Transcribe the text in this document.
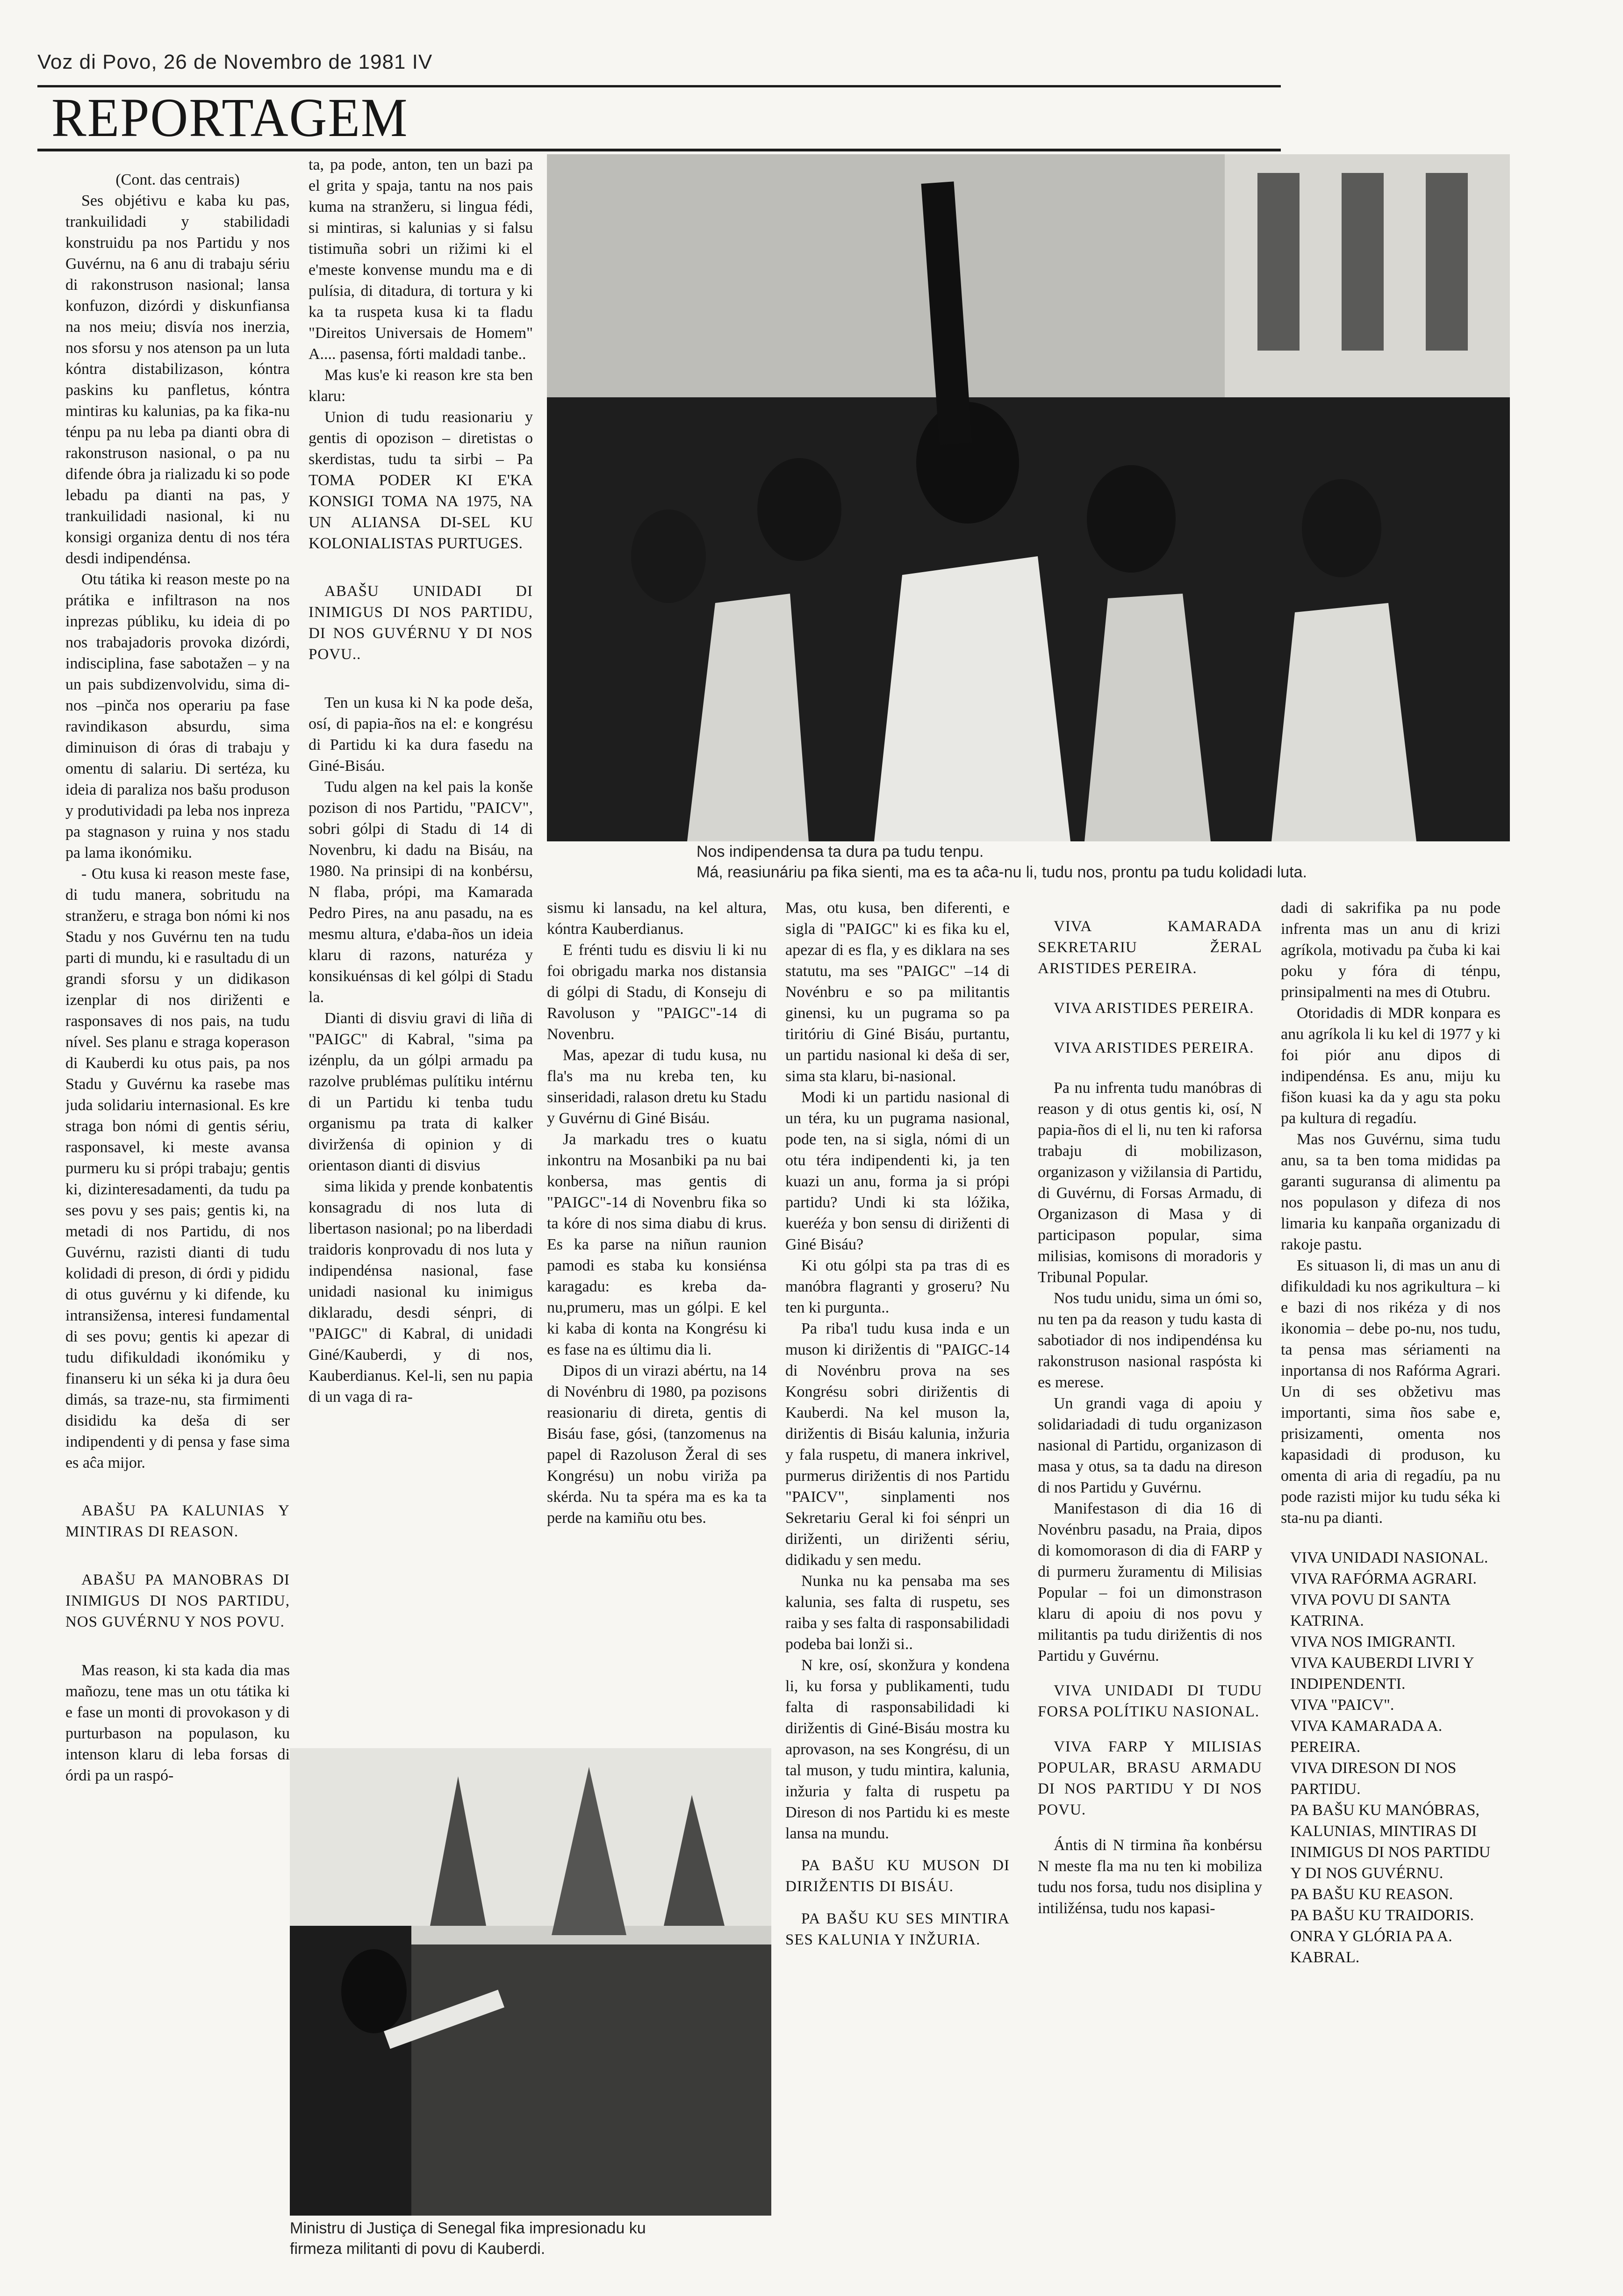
Voz di Povo, 26 de Novembro de 1981 IV
REPORTAGEM

(Cont. das centrais)

Ses objétivu e kaba ku pas, trankuilidadi y stabilidadi konstruidu pa nos Partidu y nos Guvérnu, na 6 anu di trabaju sériu di rakonstruson nasional; lansa konfuzon, dizórdi y diskunfiansa na nos meiu; disvía nos inerzia, nos sforsu y nos atenson pa un luta kóntra distabilizason, kóntra paskins ku panfletus, kóntra mintiras ku kalunias, pa ka fika-nu ténpu pa nu leba pa dianti obra di rakonstruson nasional, o pa nu difende óbra ja rializadu ki so pode lebadu pa dianti na pas, y trankuilidadi nasional, ki nu konsigi organiza dentu di nos téra desdi indipendénsa.

Otu tátika ki reason meste po na prátika e infiltrason na nos inprezas públiku, ku ideia di po nos trabajadoris provoka dizórdi, indisciplina, fase sabotažen – y na un pais subdizenvolvidu, sima di-nos –pinča nos operariu pa fase ravindikason absurdu, sima diminuison di óras di trabaju y omentu di salariu. Di sertéza, ku ideia di paraliza nos bašu produson y produtividadi pa leba nos inpreza pa stagnason y ruina y nos stadu pa lama ikonómiku.

- Otu kusa ki reason meste fase, di tudu manera, sobritudu na stranžeru, e straga bon nómi ki nos Stadu y nos Guvérnu ten na tudu parti di mundu, ki e rasultadu di un grandi sforsu y un didikason izenplar di nos diriženti e rasponsaves di nos pais, na tudu nível. Ses planu e straga koperason di Kauberdi ku otus pais, pa nos Stadu y Guvérnu ka rasebe mas juda solidariu internasional. Es kre straga bon nómi di gentis sériu, rasponsavel, ki meste avansa purmeru ku si própi trabaju; gentis ki, dizinteresadamenti, da tudu pa ses povu y ses pais; gentis ki, na metadi di nos Partidu, di nos Guvérnu, razisti dianti di tudu kolidadi di preson, di órdi y pididu di otus guvérnu y ki difende, ku intransižensa, interesi fundamental di ses povu; gentis ki apezar di tudu difikuldadi ikonómiku y finanseru ki un séka ki ja dura ôeu dimás, sa traze-nu, sta firmimenti disididu ka deša di ser indipendenti y di pensa y fase sima es aĉa mijor.

ABAŠU PA KALUNIAS Y MINTIRAS DI REASON.
ABAŠU PA MANOBRAS DI INIMIGUS DI NOS PARTIDU, NOS GUVÉRNU Y NOS POVU.

Mas reason, ki sta kada dia mas mañozu, tene mas un otu tátika ki e fase un monti di provokason y di purturbason na populason, ku intenson klaru di leba forsas di órdi pa un raspó-

ta, pa pode, anton, ten un bazi pa el grita y spaja, tantu na nos pais kuma na stranžeru, si lingua fédi, si mintiras, si kalunias y si falsu tistimuña sobri un rižimi ki el e'meste konvense mundu ma e di pulísia, di ditadura, di tortura y ki ka ta ruspeta kusa ki ta fladu "Direitos Universais de Homem" A.... pasensa, fórti maldadi tanbe..

Mas kus'e ki reason kre sta ben klaru:

Union di tudu reasionariu y gentis di opozison – diretistas o skerdistas, tudu ta sirbi – Pa TOMA PODER KI E'KA KONSIGI TOMA NA 1975, NA UN ALIANSA DI-SEL KU KOLONIALISTAS PURTUGES.

ABAŠU UNIDADI DI INIMIGUS DI NOS PARTIDU, DI NOS GUVÉRNU Y DI NOS POVU..

Ten un kusa ki N ka pode deša, osí, di papia-ños na el: e kongrésu di Partidu ki ka dura fasedu na Giné-Bisáu.

Tudu algen na kel pais la konše pozison di nos Partidu, "PAICV", sobri gólpi di Stadu di 14 di Novenbru, ki dadu na Bisáu, na 1980. Na prinsipi di na konbérsu, N flaba, própi, ma Kamarada Pedro Pires, na anu pasadu, na es mesmu altura, e'daba-ños un ideia klaru di razons, naturéza y konsikuénsas di kel gólpi di Stadu la.

Dianti di disviu gravi di liña di "PAIGC" di Kabral, "sima pa izénplu, da un gólpi armadu pa razolve prublémas pulítiku intérnu di un Partidu ki tenba tudu organismu pa trata di kalker divirženśa di opinion y di orientason dianti di disvius

sima likida y prende konbatentis konsagradu di nos luta di libertason nasional; po na liberdadi traidoris konprovadu di nos luta y indipendénsa nasional, fase unidadi nasional ku inimigus diklaradu, desdi sénpri, di "PAIGC" di Kabral, di unidadi Giné/Kauberdi, y di nos, Kauberdianus. Kel-li, sen nu papia di un vaga di ra-

Nos indipendensa ta dura pa tudu tenpu.
Má, reasiunáriu pa fika sienti, ma es ta aĉa-nu li, tudu nos, prontu pa tudu kolidadi luta.

sismu ki lansadu, na kel altura, kóntra Kauberdianus.

E frénti tudu es disviu li ki nu foi obrigadu marka nos distansia di gólpi di Stadu, di Konseju di Ravoluson y "PAIGC"-14 di Novenbru.

Mas, apezar di tudu kusa, nu fla's ma nu kreba ten, ku sinseridadi, ralason dretu ku Stadu y Guvérnu di Giné Bisáu.

Ja markadu tres o kuatu inkontru na Mosanbiki pa nu bai konbersa, mas gentis di "PAIGC"-14 di Novenbru fika so ta kóre di nos sima diabu di krus. Es ka parse na niñun raunion pamodi es staba ku konsiénsa karagadu: es kreba da-nu,prumeru, mas un gólpi. E kel ki kaba di konta na Kongrésu ki es fase na es últimu dia li.

Dipos di un virazi abértu, na 14 di Novénbru di 1980, pa pozisons reasionariu di direta, gentis di Bisáu fase, gósi, (tanzomenus na papel di Razoluson Žeral di ses Kongrésu) un nobu viriža pa skérda. Nu ta spéra ma es ka ta perde na kamiñu otu bes.

Ministru di Justiça di Senegal fika impresionadu ku
firmeza militanti di povu di Kauberdi.

Mas, otu kusa, ben diferenti, e sigla di "PAIGC" ki es fika ku el, apezar di es fla, y es diklara na ses statutu, ma ses "PAIGC" –14 di Novénbru e so pa militantis ginensi, ku un pugrama so pa tiritóriu di Giné Bisáu, purtantu, un partidu nasional ki deša di ser, sima sta klaru, bi-nasional.

Modi ki un partidu nasional di un téra, ku un pugrama nasional, pode ten, na si sigla, nómi di un otu téra indipendenti ki, ja ten kuazi un anu, forma ja si própi partidu? Undi ki sta lóžika, kueréźa y bon sensu di diriženti di Giné Bisáu?

Ki otu gólpi sta pa tras di es manóbra flagranti y groseru? Nu ten ki purgunta..

Pa riba'l tudu kusa inda e un muson ki dirižentis di "PAIGC-14 di Novénbru prova na ses Kongrésu sobri dirižentis di Kauberdi. Na kel muson la, dirižentis di Bisáu kalunia, inžuria y fala ruspetu, di manera inkrivel, purmerus dirižentis di nos Partidu "PAICV", sinplamenti nos Sekretariu Geral ki foi sénpri un diriženti, un diriženti sériu, didikadu y sen medu.

Nunka nu ka pensaba ma ses kalunia, ses falta di ruspetu, ses raiba y ses falta di rasponsabilidadi podeba bai lonži si..

N kre, osí, skonžura y kondena li, ku forsa y publikamenti, tudu falta di rasponsabilidadi ki dirižentis di Giné-Bisáu mostra ku aprovason, na ses Kongrésu, di un tal muson, y tudu mintira, kalunia, inžuria y falta di ruspetu pa Direson di nos Partidu ki es meste lansa na mundu.

PA BAŠU KU MUSON DI DIRIŽENTIS DI BISÁU.
PA BAŠU KU SES MINTIRA SES KALUNIA Y INŽURIA.
VIVA KAMARADA SEKRETARIU ŽERAL ARISTIDES PEREIRA.
VIVA ARISTIDES PEREIRA.
VIVA ARISTIDES PEREIRA.

Pa nu infrenta tudu manóbras di reason y di otus gentis ki, osí, N papia-ños di el li, nu ten ki raforsa trabaju di mobilizason, organizason y vižilansia di Partidu, di Guvérnu, di Forsas Armadu, di Organizason di Masa y di participason popular, sima milisias, komisons di moradoris y Tribunal Popular.

Nos tudu unidu, sima un ómi so, nu ten pa da reason y tudu kasta di sabotiador di nos indipendénsa ku rakonstruson nasional raspósta ki es merese.

Un grandi vaga di apoiu y solidariadadi di tudu organizason nasional di Partidu, organizason di masa y otus, sa ta dadu na direson di nos Partidu y Guvérnu.

Manifestason di dia 16 di Novénbru pasadu, na Praia, dipos di komomorason di dia di FARP y di purmeru žuramentu di Milisias Popular – foi un dimonstrason klaru di apoiu di nos povu y militantis pa tudu dirižentis di nos Partidu y Guvérnu.

VIVA UNIDADI DI TUDU FORSA POLÍTIKU NASIONAL.
VIVA FARP Y MILISIAS POPULAR, BRASU ARMADU DI NOS PARTIDU Y DI NOS POVU.

Ántis di N tirmina ña konbérsu N meste fla ma nu ten ki mobiliza tudu nos forsa, tudu nos disiplina y intiližénsa, tudu nos kapasi-

dadi di sakrifika pa nu pode infrenta mas un anu di krizi agríkola, motivadu pa čuba ki kai poku y fóra di ténpu, prinsipalmenti na mes di Otubru.

Otoridadis di MDR konpara es anu agríkola li ku kel di 1977 y ki foi piór anu dipos di indipendénsa. Es anu, miju ku fišon kuasi ka da y agu sta poku pa kultura di regadíu.

Mas nos Guvérnu, sima tudu anu, sa ta ben toma mididas pa garanti suguransa di alimentu pa nos populason y difeza di nos limaria ku kanpaña organizadu di rakoje pastu.

Es situason li, di mas un anu di difikuldadi ku nos agrikultura – ki e bazi di nos rikéza y di nos ikonomia – debe po-nu, nos tudu, ta pensa mas sériamenti na inportansa di nos Rafórma Agrari. Un di ses obžetivu mas importanti, sima ños sabe e, prisizamenti, omenta nos kapasidadi di produson, ku omenta di aria di regadíu, pa nu pode razisti mijor ku tudu séka ki sta-nu pa dianti.

VIVA UNIDADI NASIONAL.

VIVA RAFÓRMA AGRARI.

VIVA POVU DI SANTA KATRINA.

VIVA NOS IMIGRANTI.

VIVA KAUBERDI LIVRI Y INDIPENDENTI.

VIVA "PAICV".

VIVA KAMARADA A. PEREIRA.

VIVA DIRESON DI NOS PARTIDU.

PA BAŠU KU MANÓBRAS, KALUNIAS, MINTIRAS DI INIMIGUS DI NOS PARTIDU Y DI NOS GUVÉRNU.

PA BAŠU KU REASON.

PA BAŠU KU TRAIDORIS.

ONRA Y GLÓRIA PA A. KABRAL.
